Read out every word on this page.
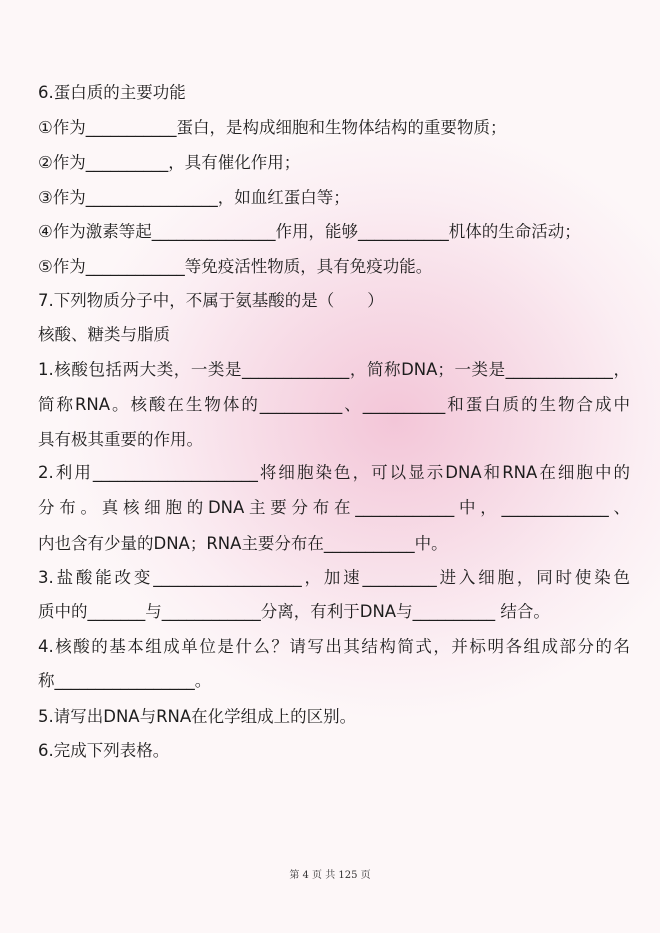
6.蛋白质的主要功能
①作为___________蛋白，是构成细胞和生物体结构的重要物质；
②作为__________，具有催化作用；
③作为________________，如血红蛋白等；
④作为激素等起_______________作用，能够___________机体的生命活动；
⑤作为____________等免疫活性物质，具有免疫功能。
7.下列物质分子中，不属于氨基酸的是（　　）
核酸、糖类与脂质
1.核酸包括两大类，一类是_____________，简称DNA；一类是_____________，
简称RNA。核酸在生物体的__________、__________和蛋白质的生物合成中
具有极其重要的作用。
2.利用____________________将细胞染色，可以显示DNA和RNA在细胞中的
分布。真核细胞的DNA主要分布在____________中，_____________、
内也含有少量的DNA；RNA主要分布在___________中。
3.盐酸能改变__________________，加速_________进入细胞，同时使染色
质中的_______与____________分离，有利于DNA与__________ 结合。
4.核酸的基本组成单位是什么？请写出其结构简式，并标明各组成部分的名
称_________________。
5.请写出DNA与RNA在化学组成上的区别。
6.完成下列表格。
第 4 页 共 125 页
